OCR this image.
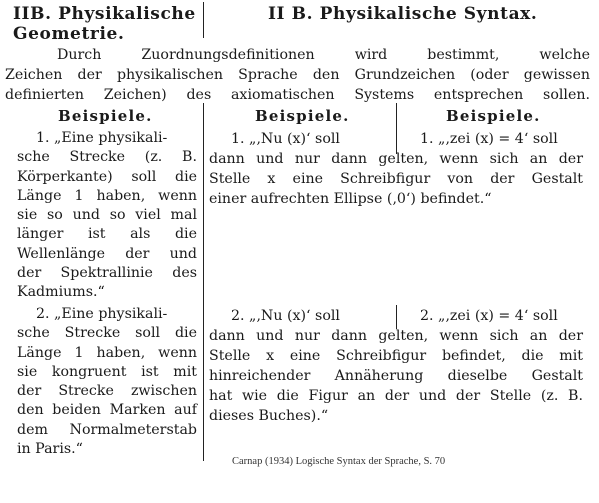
IIB. Physikalische
Geometrie.
II B. Physikalische Syntax.
Durch Zuordnungsdefinitionen wird bestimmt, welche
Zeichen der physikalischen Sprache den Grundzeichen (oder gewissen
definierten Zeichen) des axiomatischen Systems entsprechen sollen.
Beispiele.	Beispiele.	Beispiele.
1. „Eine physikali-
sche Strecke (z. B.
Körperkante) soll die
Länge 1 haben, wenn
sie so und so viel mal
länger ist als die
Wellenlänge der und
der Spektrallinie des
Kadmiums.“
2. „Eine physikali-
sche Strecke soll die
Länge 1 haben, wenn
sie kongruent ist mit
der Strecke zwischen
den beiden Marken auf
dem Normalmeterstab
in Paris.“
1. „‚Nu (x)‘ soll	1. „‚zei (x) = 4‘ soll
dann und nur dann gelten, wenn sich an der
Stelle x eine Schreibfigur von der Gestalt
einer aufrechten Ellipse (‚0‘) befindet.“
2. „‚Nu (x)‘ soll	2. „‚zei (x) = 4‘ soll
dann und nur dann gelten, wenn sich an der
Stelle x eine Schreibfigur befindet, die mit
hinreichender Annäherung dieselbe Gestalt
hat wie die Figur an der und der Stelle (z. B.
dieses Buches).“
Carnap (1934) Logische Syntax der Sprache, S. 70
